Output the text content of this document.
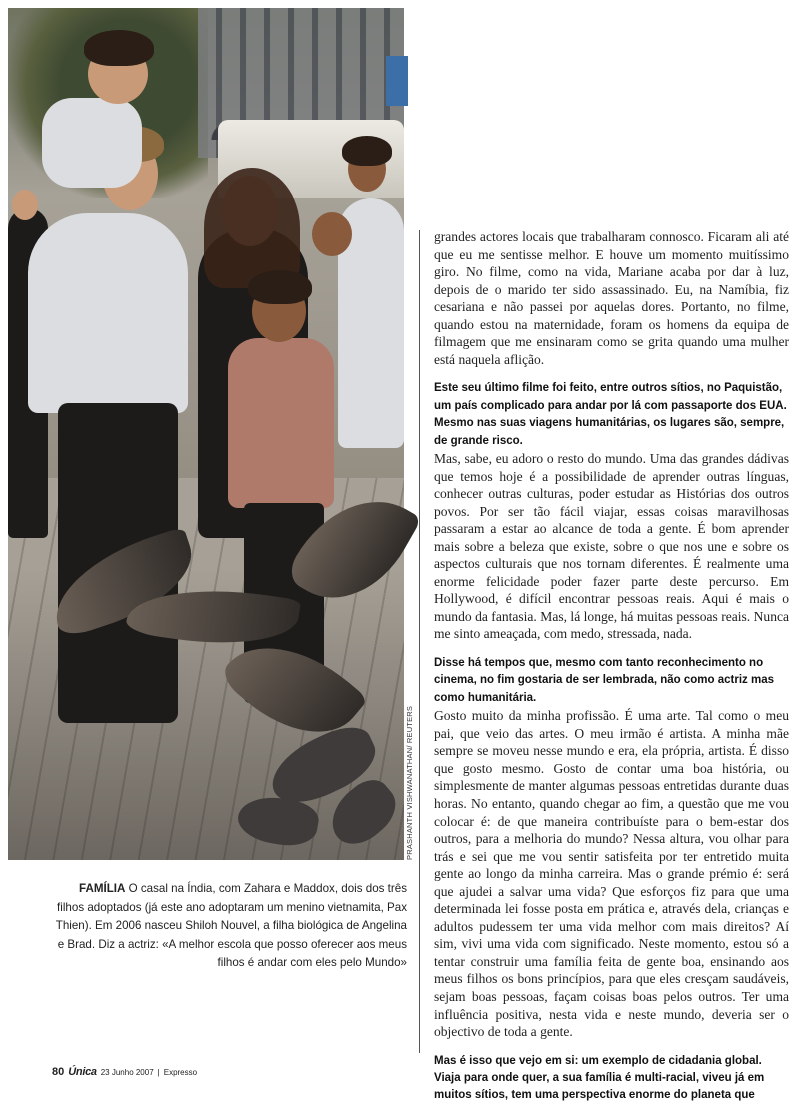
PRASHANTH VISHWANATHAN/ REUTERS
FAMÍLIA O casal na Índia, com Zahara e Maddox, dois dos três filhos adoptados (já este ano adoptaram um menino vietnamita, Pax Thien). Em 2006 nasceu Shiloh Nouvel, a filha biológica de Angelina e Brad. Diz a actriz: «A melhor escola que posso oferecer aos meus filhos é andar com eles pelo Mundo»

grandes actores locais que trabalharam connosco. Ficaram ali até que eu me sentisse melhor. E houve um momento muitíssimo giro. No filme, como na vida, Mariane acaba por dar à luz, depois de o marido ter sido assassinado. Eu, na Namíbia, fiz cesariana e não passei por aquelas dores. Portanto, no filme, quando estou na maternidade, foram os homens da equipa de filmagem que me ensinaram como se grita quando uma mulher está naquela aflição.

Este seu último filme foi feito, entre outros sítios, no Paquistão, um país complicado para andar por lá com passaporte dos EUA. Mesmo nas suas viagens humanitárias, os lugares são, sempre, de grande risco.

Mas, sabe, eu adoro o resto do mundo. Uma das grandes dádivas que temos hoje é a possibilidade de aprender outras línguas, conhecer outras culturas, poder estudar as Histórias dos outros povos. Por ser tão fácil viajar, essas coisas maravilhosas passaram a estar ao alcance de toda a gente. É bom aprender mais sobre a beleza que existe, sobre o que nos une e sobre os aspectos culturais que nos tornam diferentes. É realmente uma enorme felicidade poder fazer parte deste percurso. Em Hollywood, é difícil encontrar pessoas reais. Aqui é mais o mundo da fantasia. Mas, lá longe, há muitas pessoas reais. Nunca me sinto ameaçada, com medo, stressada, nada.

Disse há tempos que, mesmo com tanto reconhecimento no cinema, no fim gostaria de ser lembrada, não como actriz mas como humanitária.

Gosto muito da minha profissão. É uma arte. Tal como o meu pai, que veio das artes. O meu irmão é artista. A minha mãe sempre se moveu nesse mundo e era, ela própria, artista. É disso que gosto mesmo. Gosto de contar uma boa história, ou simplesmente de manter algumas pessoas entretidas durante duas horas. No entanto, quando chegar ao fim, a questão que me vou colocar é: de que maneira contribuíste para o bem-estar dos outros, para a melhoria do mundo? Nessa altura, vou olhar para trás e sei que me vou sentir satisfeita por ter entretido muita gente ao longo da minha carreira. Mas o grande prémio é: será que ajudei a salvar uma vida? Que esforços fiz para que uma determinada lei fosse posta em prática e, através dela, crianças e adultos pudessem ter uma vida melhor com mais direitos? Aí sim, vivi uma vida com significado. Neste momento, estou só a tentar construir uma família feita de gente boa, ensinando aos meus filhos os bons princípios, para que eles cresçam saudáveis, sejam boas pessoas, façam coisas boas pelos outros. Ter uma influência positiva, nesta vida e neste mundo, deveria ser o objectivo de toda a gente.

Mas é isso que vejo em si: um exemplo de cidadania global. Viaja para onde quer, a sua família é multi-racial, viveu já em muitos sítios, tem uma perspectiva enorme do planeta que

80 Única 23 Junho 2007 | Expresso
